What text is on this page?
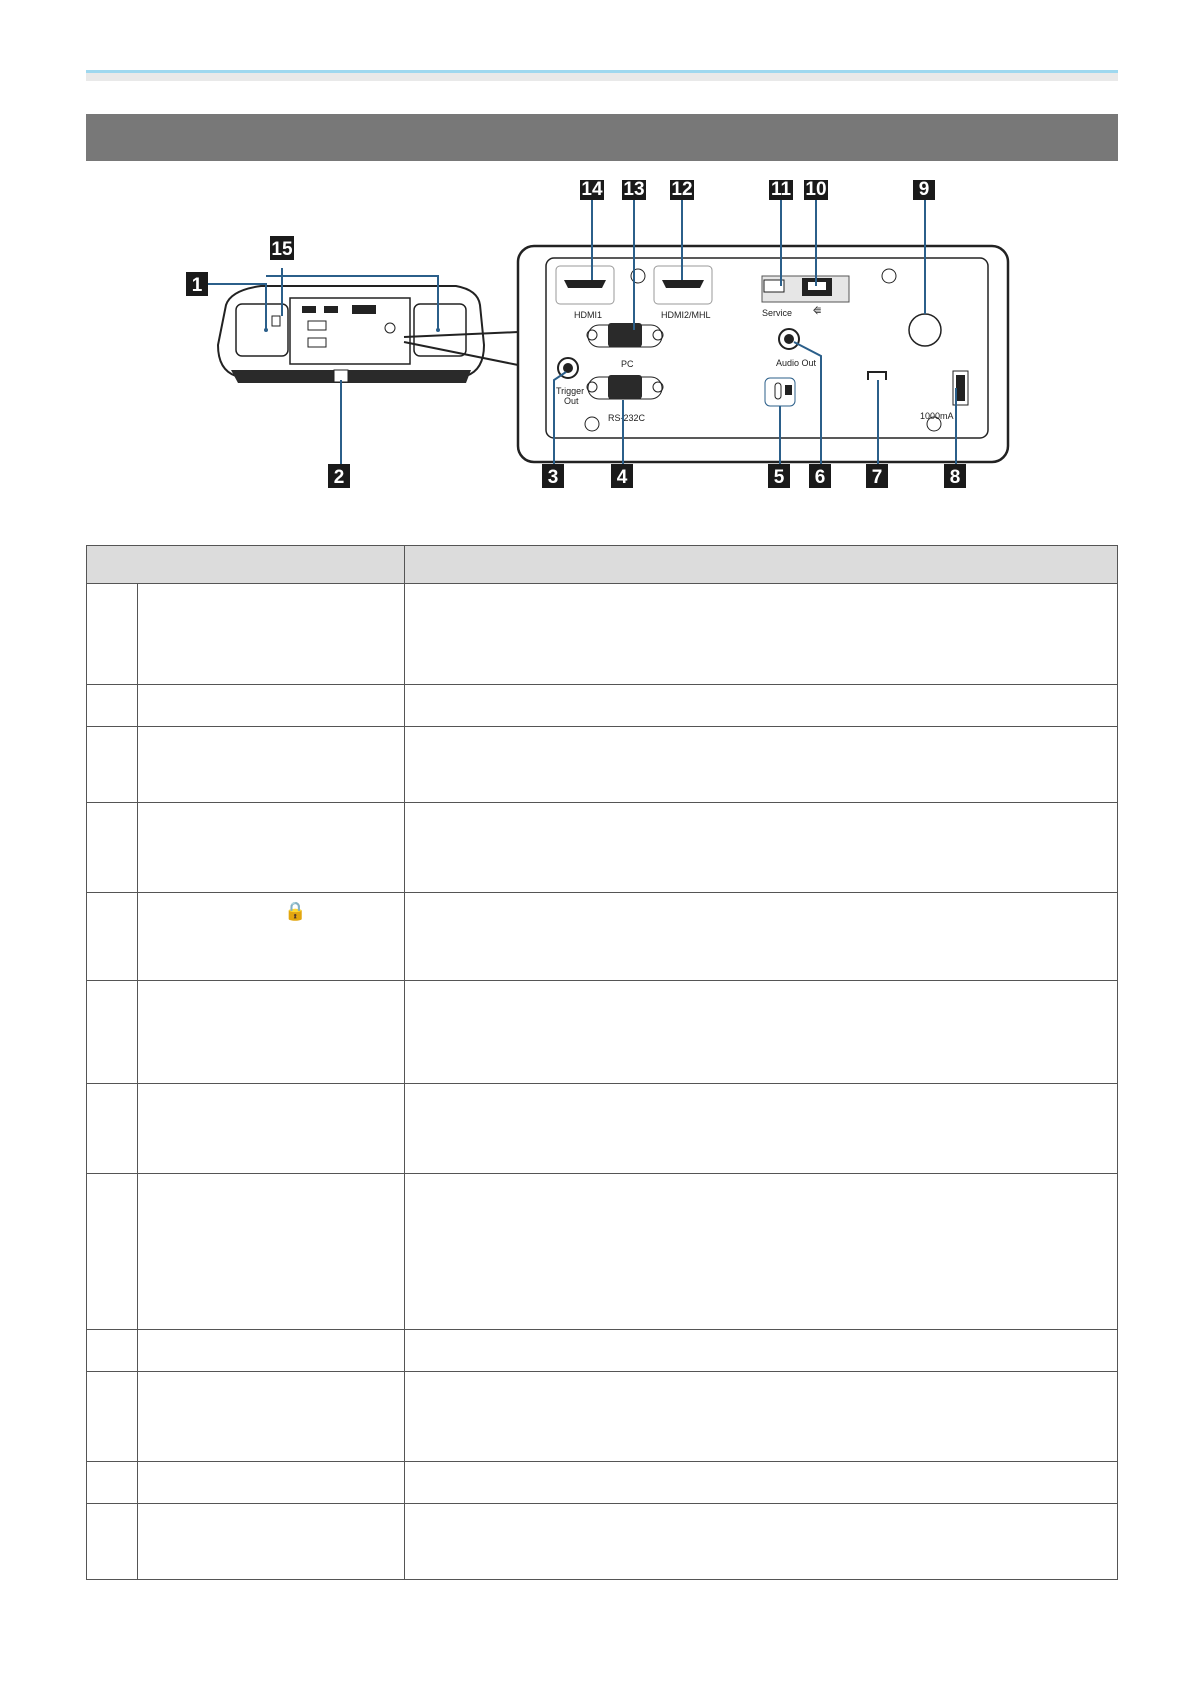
HDMI1	HDMI2/MHL
PC
RS-232C
Trigger Out
Audio Out
Service
1000mA
⭅
1
2	3	4	5 6 7	8
9
10
11
12
13
14
15

	🔒	
